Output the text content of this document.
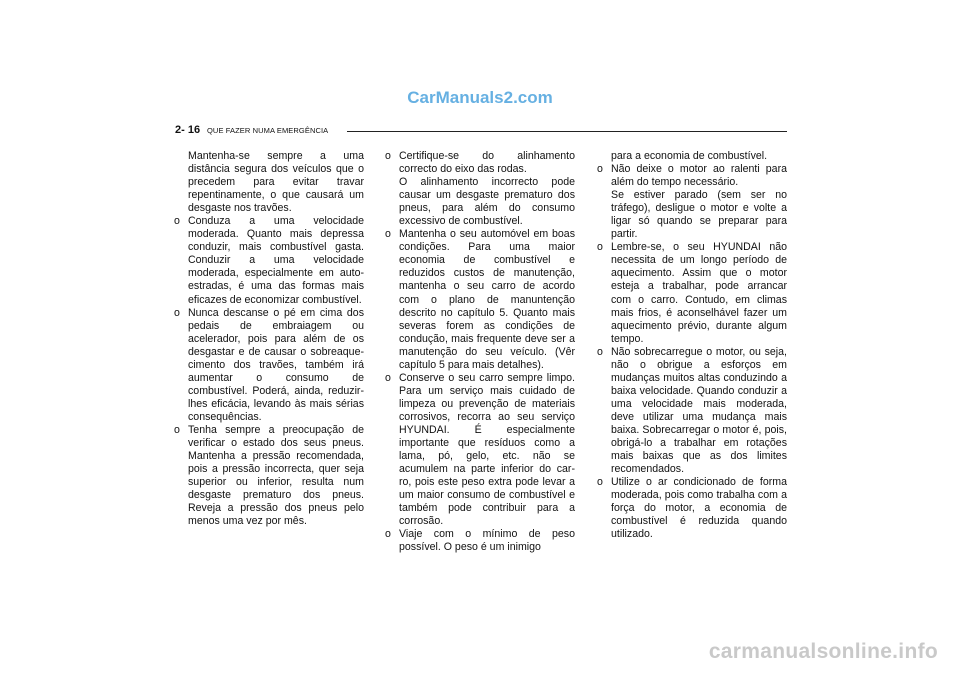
CarManuals2.com
2- 16 QUE FAZER NUMA EMERGÊNCIA

Mantenha-se sempre a uma distância segura dos veículos que o precedem para evitar travar repentinamente, o que causará um desgaste nos travões.

o Conduza a uma velocidade moderada. Quanto mais depressa conduzir, mais combustível gasta. Conduzir a uma velocidade moderada, especialmente em auto-estradas, é uma das formas mais eficazes de economizar combustível.

o Nunca descanse o pé em cima dos pedais de embraiagem ou acelerador, pois para além de os desgastar e de causar o sobreaque-cimento dos travões, também irá aumentar o consumo de combustível. Poderá, ainda, reduzir-lhes eficácia, levando às mais sérias consequências.

o Tenha sempre a preocupação de verificar o estado dos seus pneus. Mantenha a pressão recomendada, pois a pressão incorrecta, quer seja superior ou inferior, resulta num desgaste prematuro dos pneus. Reveja a pressão dos pneus pelo menos uma vez por mês.

o Certifique-se do alinhamento correcto do eixo das rodas.

O alinhamento incorrecto pode causar um desgaste prematuro dos pneus, para além do consumo excessivo de combustível.

o Mantenha o seu automóvel em boas condições. Para uma maior economia de combustível e reduzidos custos de manutenção, mantenha o seu carro de acordo com o plano de manuntenção descrito no capítulo 5. Quanto mais severas forem as condições de condução, mais frequente deve ser a manutenção do seu veículo. (Vêr capítulo 5 para mais detalhes).

o Conserve o seu carro sempre limpo. Para um serviço mais cuidado de limpeza ou prevenção de materiais corrosivos, recorra ao seu serviço HYUNDAI. É especialmente importante que resíduos como a lama, pó, gelo, etc. não se acumulem na parte inferior do car- ro, pois este peso extra pode levar a um maior consumo de combustível e também pode contribuir para a corrosão.

o Viaje com o mínimo de peso possível. O peso é um inimigo

para a economia de combustível.

o Não deixe o motor ao ralenti para além do tempo necessário.

Se estiver parado (sem ser no tráfego), desligue o motor e volte a ligar só quando se preparar para partir.

o Lembre-se, o seu HYUNDAI não necessita de um longo período de aquecimento. Assim que o motor esteja a trabalhar, pode arrancar com o carro. Contudo, em climas mais frios, é aconselhável fazer um aquecimento prévio, durante algum tempo.

o Não sobrecarregue o motor, ou seja, não o obrigue a esforços em mudanças muitos altas conduzindo a baixa velocidade. Quando conduzir a uma velocidade mais moderada, deve utilizar uma mudança mais baixa. Sobrecarregar o motor é, pois, obrigá-lo a trabalhar em rotações mais baixas que as dos limites recomendados.

o Utilize o ar condicionado de forma moderada, pois como trabalha com a força do motor, a economia de combustível é reduzida quando utilizado.

carmanualsonline.info
